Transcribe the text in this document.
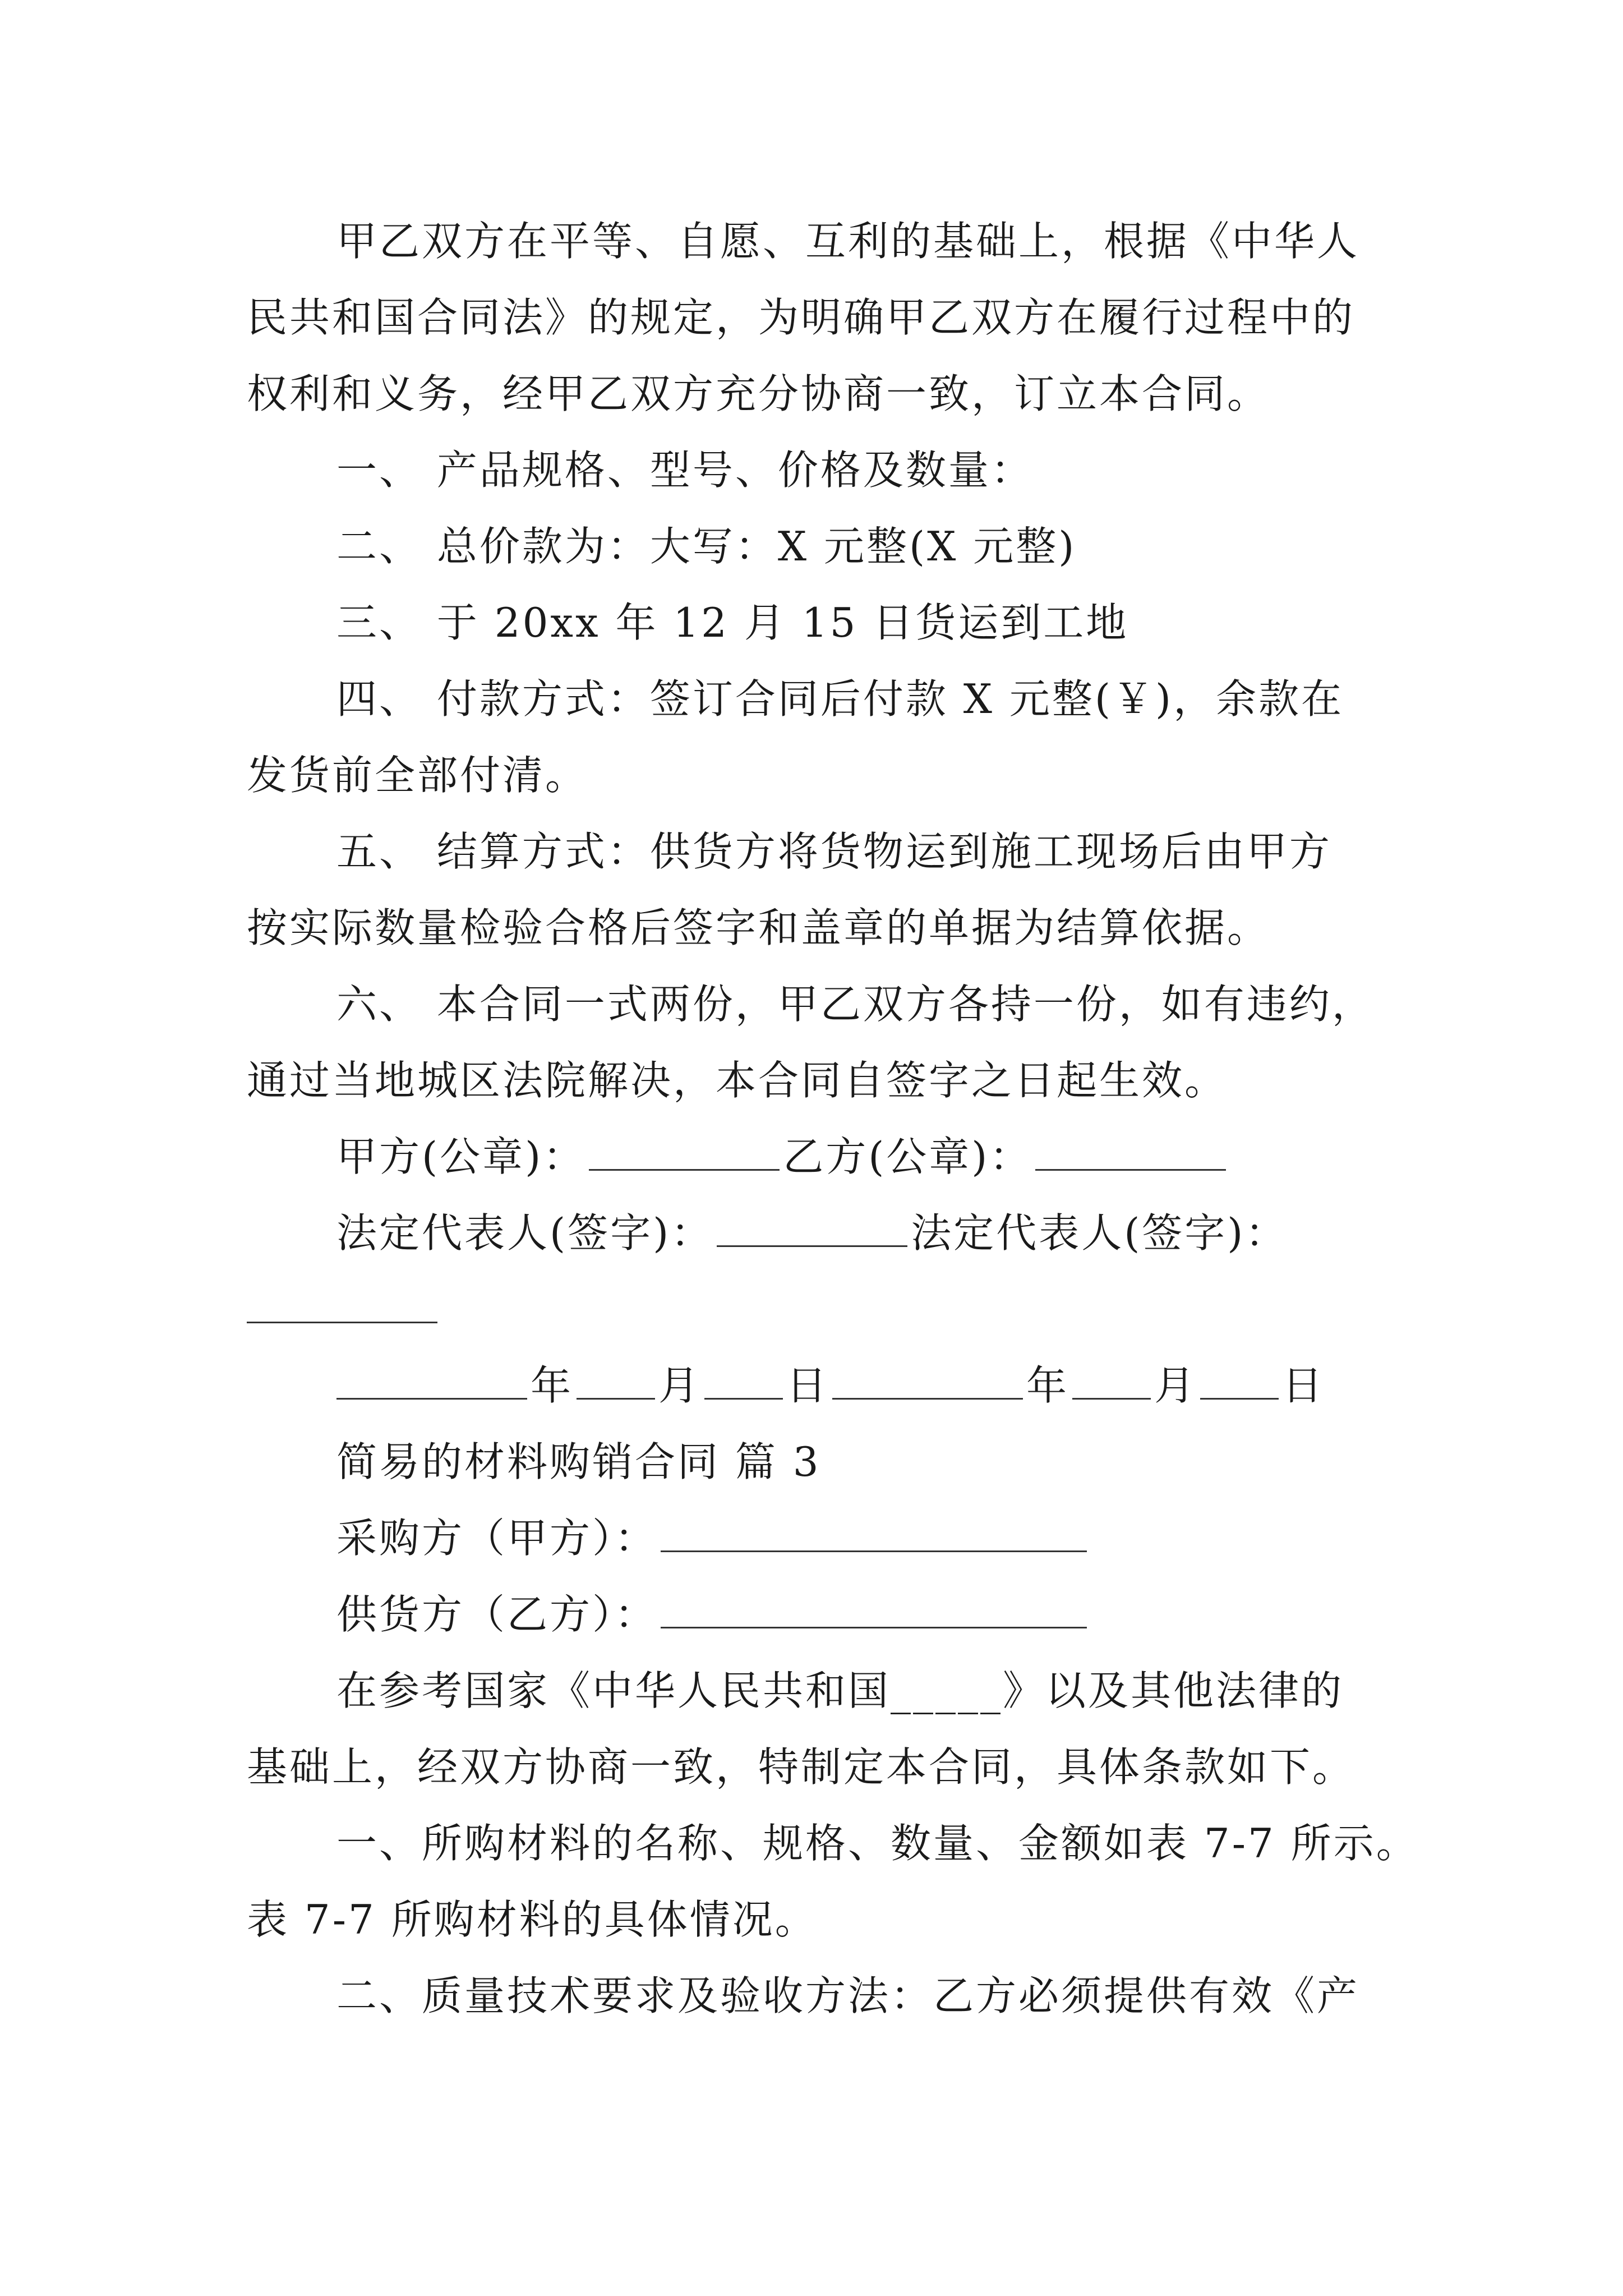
甲乙双方在平等、自愿、互利的基础上，根据《中华人
民共和国合同法》的规定，为明确甲乙双方在履行过程中的
权利和义务，经甲乙双方充分协商一致，订立本合同。
一、 产品规格、型号、价格及数量：
二、 总价款为：大写：X 元整(X 元整)
三、 于 20xx 年 12 月 15 日货运到工地
四、 付款方式：签订合同后付款 X 元整(￥)，余款在
发货前全部付清。
五、 结算方式：供货方将货物运到施工现场后由甲方
按实际数量检验合格后签字和盖章的单据为结算依据。
六、 本合同一式两份，甲乙双方各持一份，如有违约，
通过当地城区法院解决，本合同自签字之日起生效。
甲方(公章)：	乙方(公章)：
法定代表人(签字)：	法定代表人(签字)：
年 月 日	年 月 日
简易的材料购销合同 篇 3
采购方（甲方）：
供货方（乙方）：
在参考国家《中华人民共和国_____》以及其他法律的
基础上，经双方协商一致，特制定本合同，具体条款如下。
一、所购材料的名称、规格、数量、金额如表 7-7 所示。
表 7-7 所购材料的具体情况。
二、质量技术要求及验收方法：乙方必须提供有效《产
